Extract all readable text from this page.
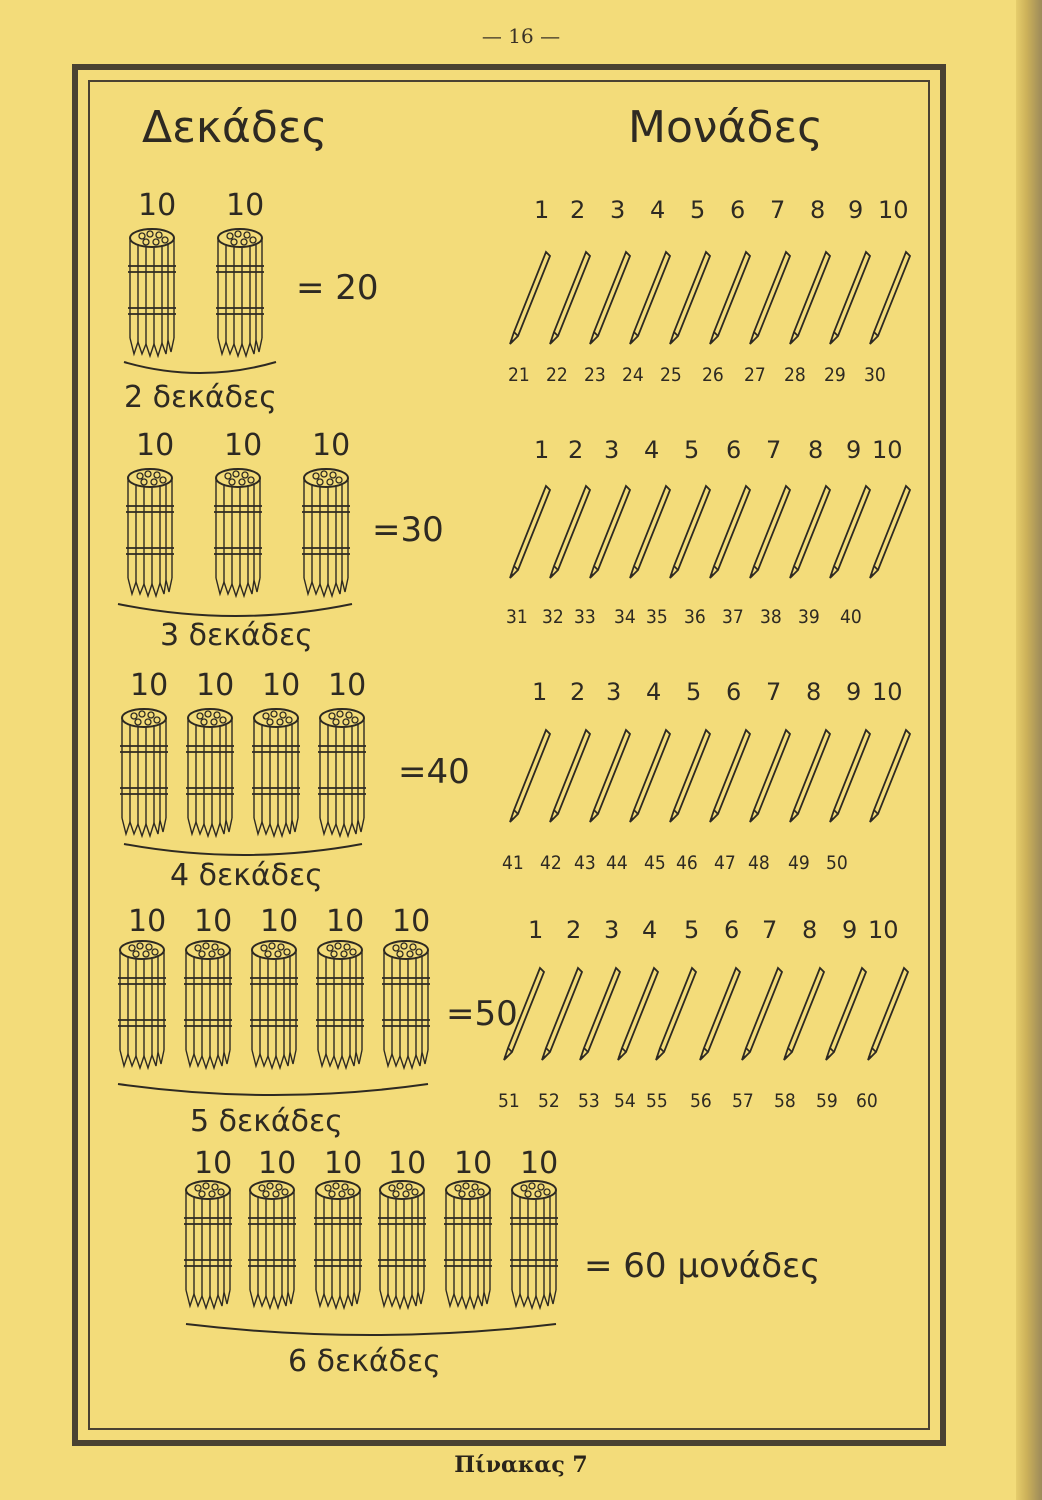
— 16 —
Δεκάδες	Μονάδες
10 10
= 20
2 δεκάδες
10 10 10
=30
3 δεκάδες
10 10 10 10
=40
4 δεκάδες
10 10 10 10 10
=50
5 δεκάδες
10 10 10 10 10 10
= 60 μονάδες
6 δεκάδες
1 2 3 4 5 6 7 8 9 10
21 22 23 24 25 26 27 28 29 30
1 2 3 4 5 6 7 8 9 10
31 32 33 34 35 36 37 38 39 40
1 2 3 4 5 6 7 8 9 10
41 42 43 44 45 46 47 48 49 50
1 2 3 4 5 6 7 8 9 10
51 52 53 54 55 56 57 58 59 60
Πίνακας 7
